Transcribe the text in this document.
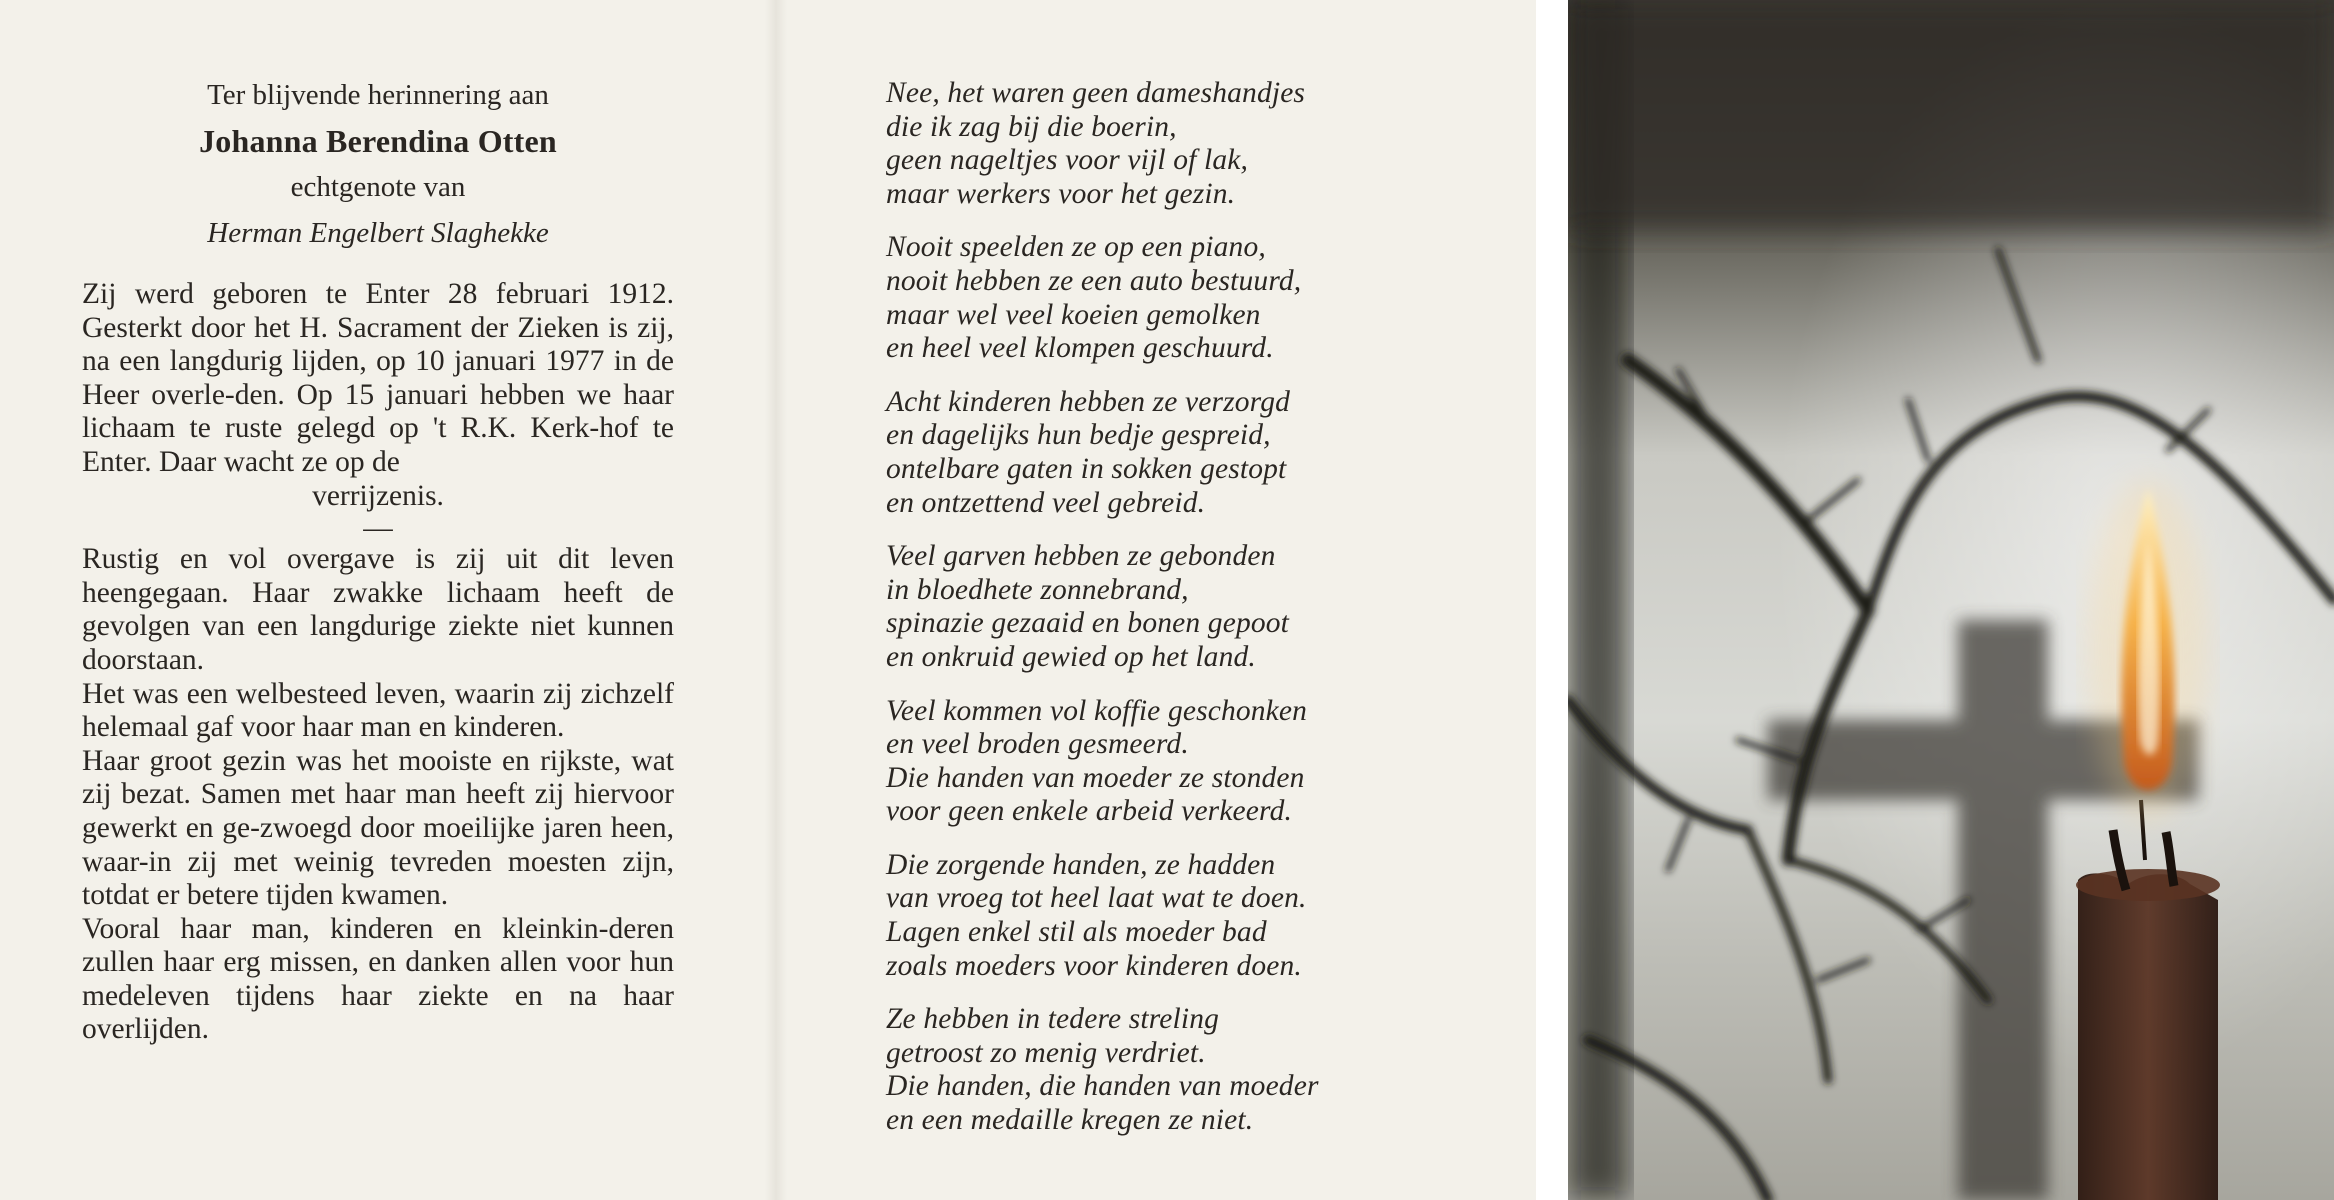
Ter blijvende herinnering aan
Johanna Berendina Otten
echtgenote van
Herman Engelbert Slaghekke

Zij werd geboren te Enter 28 februari 1912. Gesterkt door het H. Sacrament der Zieken is zij, na een langdurig lijden, op 10 januari 1977 in de Heer overle-den. Op 15 januari hebben we haar lichaam te ruste gelegd op 't R.K. Kerk-hof te Enter. Daar wacht ze op de
verrijzenis.

—

Rustig en vol overgave is zij uit dit leven heengegaan. Haar zwakke lichaam heeft de gevolgen van een langdurige ziekte niet kunnen doorstaan.

Het was een welbesteed leven, waarin zij zichzelf helemaal gaf voor haar man en kinderen.

Haar groot gezin was het mooiste en rijkste, wat zij bezat. Samen met haar man heeft zij hiervoor gewerkt en ge-zwoegd door moeilijke jaren heen, waar-in zij met weinig tevreden moesten zijn, totdat er betere tijden kwamen.

Vooral haar man, kinderen en kleinkin-deren zullen haar erg missen, en danken allen voor hun medeleven tijdens haar ziekte en na haar overlijden.

Nee, het waren geen dameshandjes
die ik zag bij die boerin,
geen nageltjes voor vijl of lak,
maar werkers voor het gezin.
Nooit speelden ze op een piano,
nooit hebben ze een auto bestuurd,
maar wel veel koeien gemolken
en heel veel klompen geschuurd.
Acht kinderen hebben ze verzorgd
en dagelijks hun bedje gespreid,
ontelbare gaten in sokken gestopt
en ontzettend veel gebreid.
Veel garven hebben ze gebonden
in bloedhete zonnebrand,
spinazie gezaaid en bonen gepoot
en onkruid gewied op het land.
Veel kommen vol koffie geschonken
en veel broden gesmeerd.
Die handen van moeder ze stonden
voor geen enkele arbeid verkeerd.
Die zorgende handen, ze hadden
van vroeg tot heel laat wat te doen.
Lagen enkel stil als moeder bad
zoals moeders voor kinderen doen.
Ze hebben in tedere streling
getroost zo menig verdriet.
Die handen, die handen van moeder
en een medaille kregen ze niet.
